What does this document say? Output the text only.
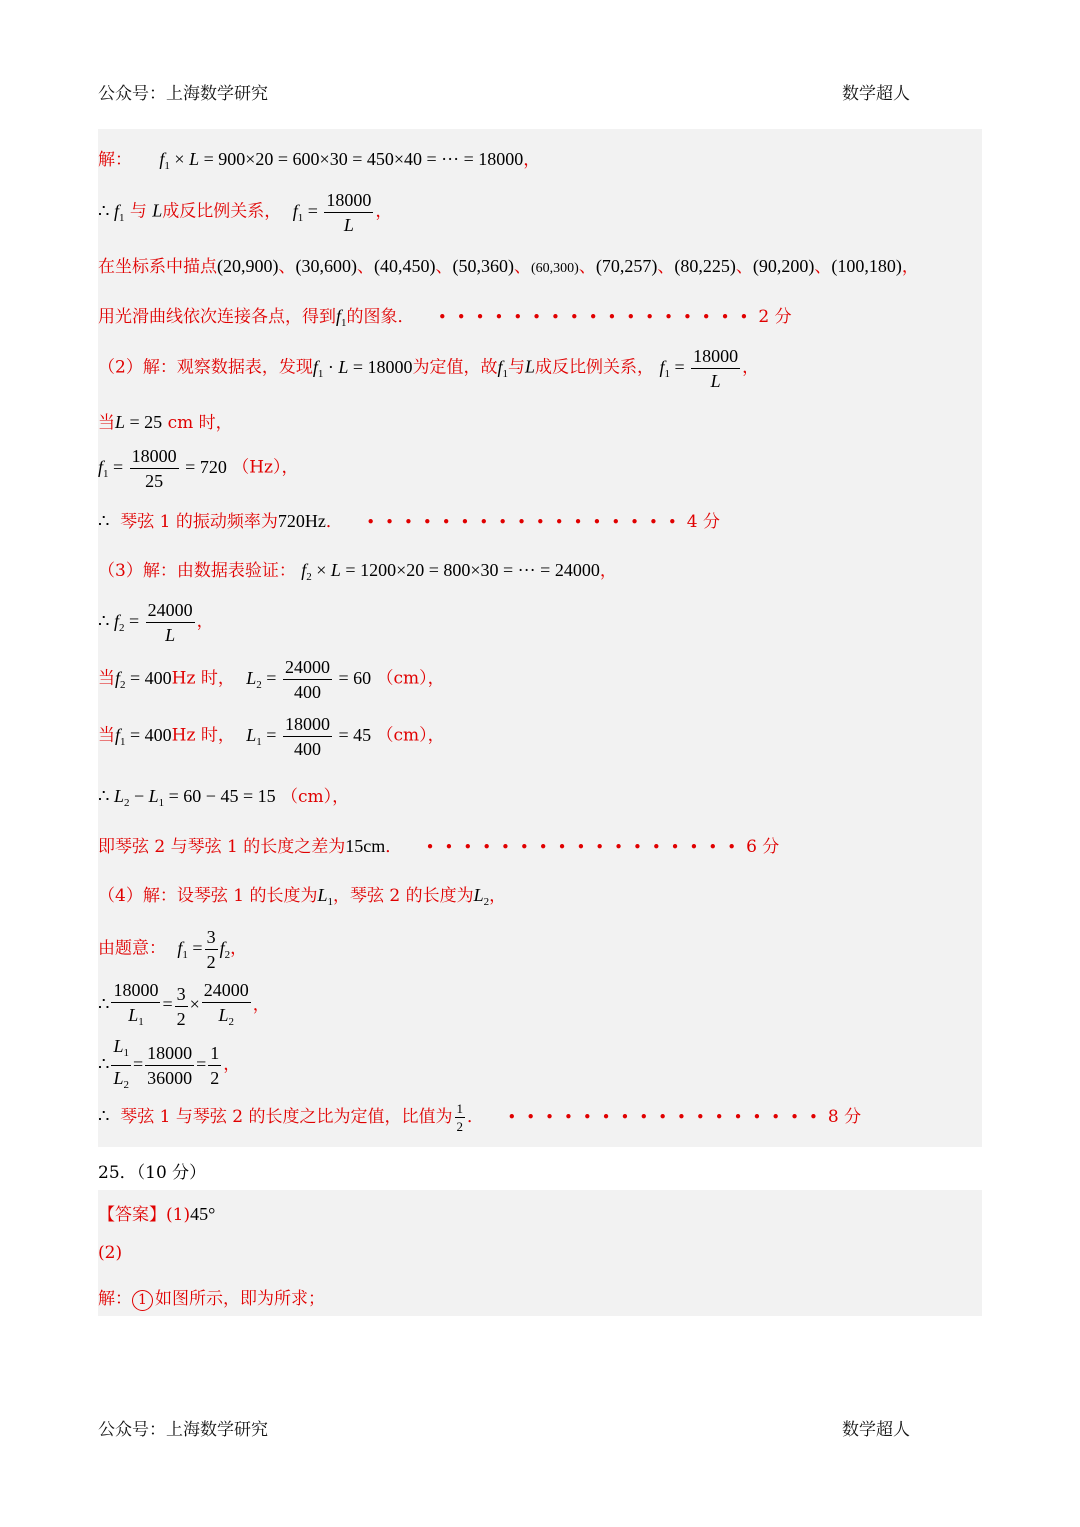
公众号：上海数学研究	数学超人
解： $f_1 \times L = 900\times 20 = 600\times 30 = 450\times 40$ = ··· = 18000，
∴ $f_1$ 与 L成反比例关系， $f_1 = \frac{18000}{L}$ ，
在坐标系中描点(20,900)、(30,600)、(40,450)、(50,360)、(60,300)、(70,257)、(80,225)、(90,200)、(100,180)，
用光滑曲线依次连接各点，得到$f_1$的图象． •••••••••••••••••2 分
（2）解：观察数据表，发现$f_1 \cdot L = 18000$为定值，故$f_1$与L成反比例关系， $f_1 = \frac{18000}{L}$ ，
当L = 25 cm 时，
$f_1 = \frac{18000}{25} = 720$ （Hz），
∴ 琴弦 1 的振动频率为720Hz． •••••••••••••••••4 分
（3）解：由数据表验证： $f_2 \times L = 1200\times 20 = 800\times 30$ = ··· = 24000，
∴ $f_2 = \frac{24000}{L}$ ，
当$f_2 = 400Hz$ 时， $L_2 = \frac{24000}{400} = 60$ （cm），
当$f_1 = 400Hz$ 时， $L_1 = \frac{18000}{400} = 45$ （cm），
∴ $L_2 - L_1 = 60 - 45 = 15$ （cm），
即琴弦 2 与琴弦 1 的长度之差为15cm． •••••••••••••••••6 分
（4）解：设琴弦 1 的长度为$L_1$，琴弦 2 的长度为$L_2$，
由题意： $f_1 = \frac{3}{2} f_2$，
∴ $\frac{18000}{L_1} = \frac{3}{2} \times \frac{24000}{L_2}$ ，
∴ $\frac{L_1}{L_2} = \frac{18000}{36000} = \frac{1}{2}$ ，
∴ 琴弦 1 与琴弦 2 的长度之比为定值，比值为 $\frac{1}{2}$ ． •••••••••••••••••8 分
25．（10 分）
【答案】(1)45°
(2)
解： 1 如图所示，即为所求；
公众号：上海数学研究	数学超人
